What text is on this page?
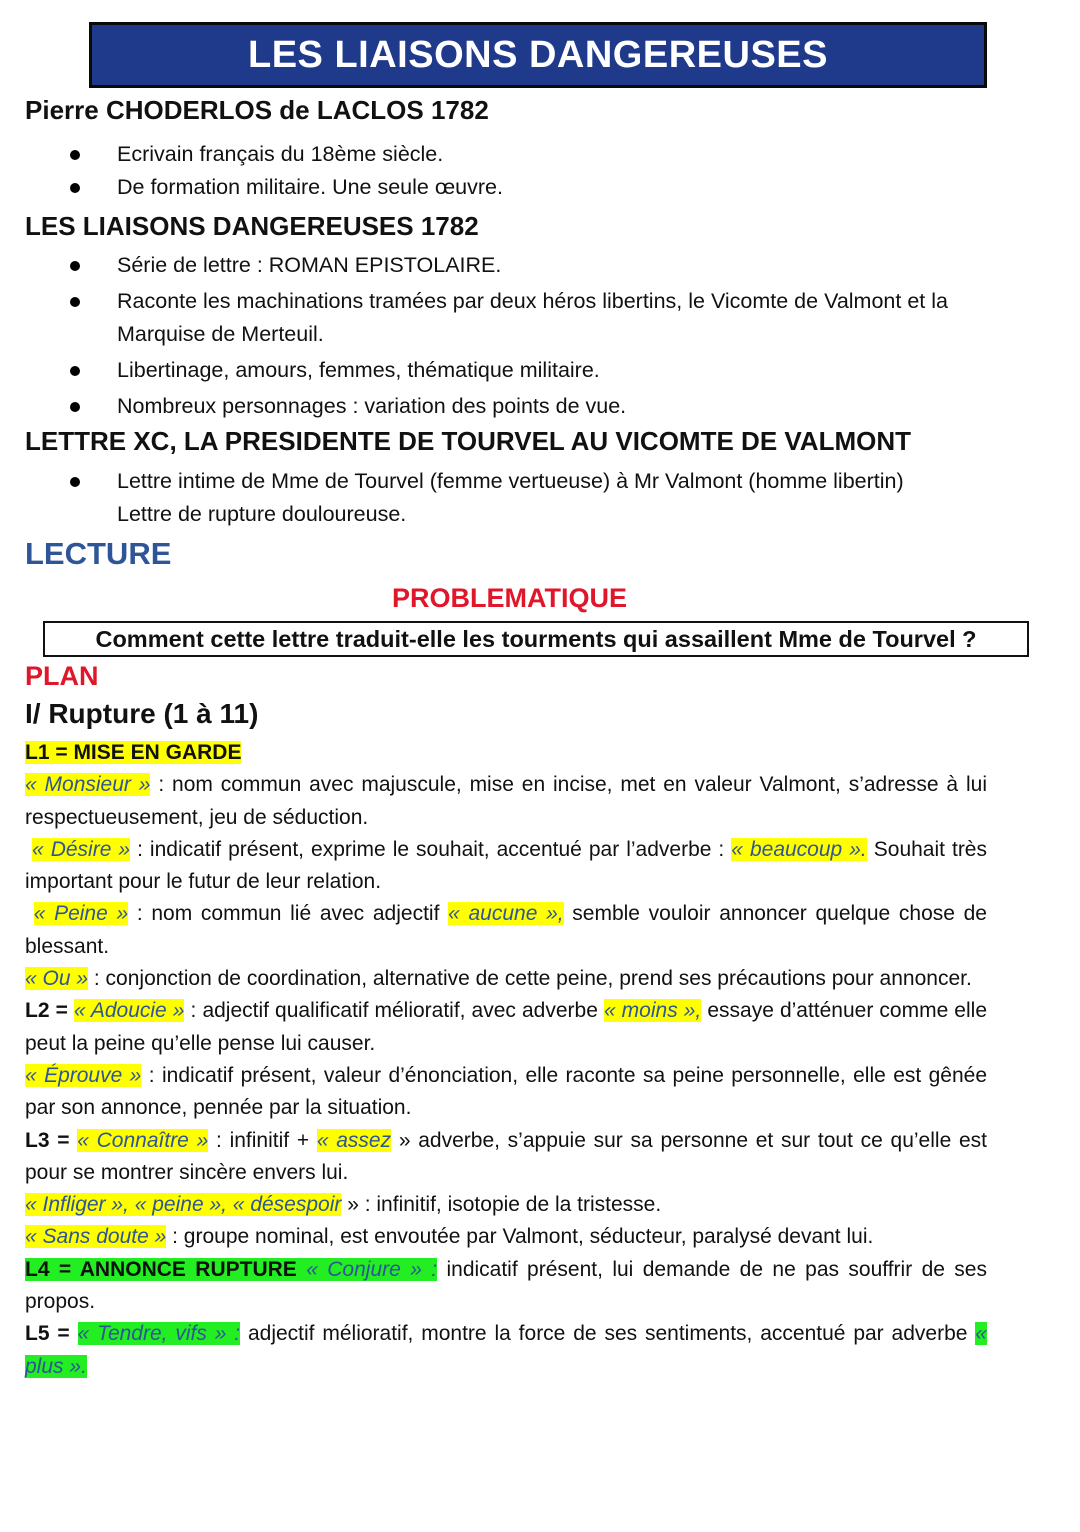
LES LIAISONS DANGEREUSES
Pierre CHODERLOS de LACLOS 1782
Ecrivain français du 18ème siècle.
De formation militaire. Une seule œuvre.
LES LIAISONS DANGEREUSES 1782
Série de lettre : ROMAN EPISTOLAIRE.
Raconte les machinations tramées par deux héros libertins, le Vicomte de Valmont et la Marquise de Merteuil.
Libertinage, amours, femmes, thématique militaire.
Nombreux personnages : variation des points de vue.
LETTRE XC, LA PRESIDENTE DE TOURVEL AU VICOMTE DE VALMONT
Lettre intime de Mme de Tourvel (femme vertueuse) à Mr Valmont (homme libertin) Lettre de rupture douloureuse.
LECTURE
PROBLEMATIQUE
Comment cette lettre traduit-elle les tourments qui assaillent Mme de Tourvel ?
PLAN
I/ Rupture (1 à 11)

L1 = MISE EN GARDE

« Monsieur » : nom commun avec majuscule, mise en incise, met en valeur Valmont, s’adresse à lui respectueusement, jeu de séduction.

« Désire » : indicatif présent, exprime le souhait, accentué par l’adverbe : « beaucoup ». Souhait très important pour le futur de leur relation.

« Peine » : nom commun lié avec adjectif « aucune », semble vouloir annoncer quelque chose de blessant.

« Ou » : conjonction de coordination, alternative de cette peine, prend ses précautions pour annoncer.

L2 = « Adoucie » : adjectif qualificatif mélioratif, avec adverbe « moins », essaye d’atténuer comme elle peut la peine qu’elle pense lui causer.

« Éprouve » : indicatif présent, valeur d’énonciation, elle raconte sa peine personnelle, elle est gênée par son annonce, pennée par la situation.

L3 = « Connaître » : infinitif + « assez » adverbe, s’appuie sur sa personne et sur tout ce qu’elle est pour se montrer sincère envers lui.

« Infliger », « peine », « désespoir » : infinitif, isotopie de la tristesse.

« Sans doute » : groupe nominal, est envoutée par Valmont, séducteur, paralysé devant lui.

L4 = ANNONCE RUPTURE « Conjure » : indicatif présent, lui demande de ne pas souffrir de ses propos.

L5 = « Tendre, vifs » : adjectif mélioratif, montre la force de ses sentiments, accentué par adverbe « plus ».
